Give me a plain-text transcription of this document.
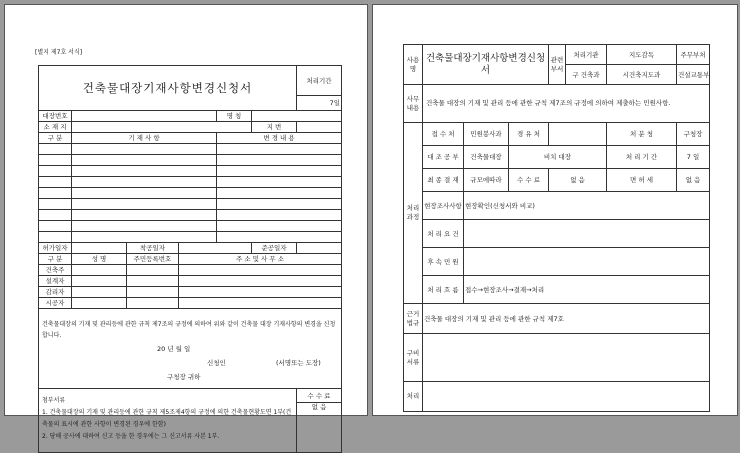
[별지 제7호 서식]
건축물대장기재사항변경신청서						처리기간
						7일
대장번호				명 칭		
소 재 지					지 번	
구 분	기 재 사 항			변 경 내 용		

허가일자		착공일자			준공일자	
구 분	성 명	주민등록번호	주 소 및 사 무 소			
건축주						
설계자						
감리자						
시공자						

건축물대장의 기재 및 관리등에 관한 규칙 제7조의 규정에 의하여 위와 같이 건축물 대장 기재사항의 변경을 신청합니다.
20 년 월 일
신청인 (서명또는 도장)
구청장 귀하						

첨부서류
1. 건축물대장의 기재 및 관리등에 관한 규칙 제5조제4항의 규정에 의한 건축물현황도면 1부(건축물의 표시에 관한 사항이 변경된 경우에 한함)
2. 당해 공사에 대하여 신고 등을 한 경우에는 그 신고서류 사본 1부.						수 수 료
						없 음
사용명	건축물대장기재사항변경신청서			관련부서	처리기관	지도감독	주무부처
					구 건축과	시건축지도과	건설교통부
사무내용	건축물 대장의 기재 및 관리 등에 관한 규칙 제7조의 규정에 의하여 제출하는 민원사항.						
처리과정	접 수 처	민원봉사과	경 유 처			처 분 청	구청장
	대 조 공 부	건축물대장	비치 대장			처 리 기 간	7 일
	최 종 결 재	규모에따라	수 수 료	없 음		면 허 세	없 음
	현장조사사항	현장확인(신청서와 비교)					
	처 리 요 건						
	후 속 민 원						
	처 리 흐 름	접수→현장조사→결재→처리					
근거법규	건축물 대장의 기재 및 관리 등에 관한 규칙 제7호						
구비서류							
처리							
